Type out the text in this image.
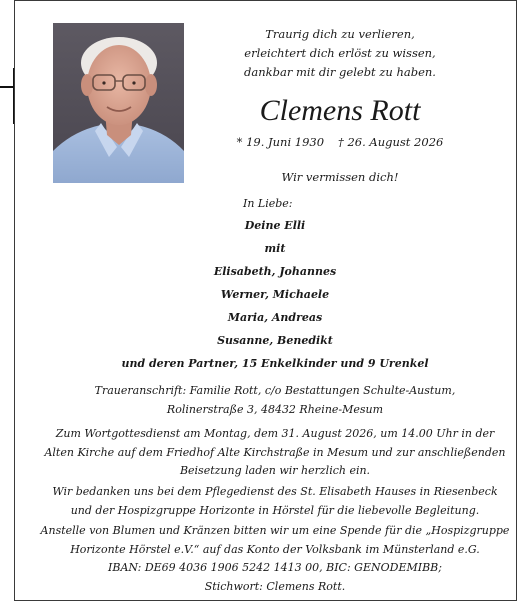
Traurig dich zu verlieren,
erleichtert dich erlöst zu wissen,
dankbar mit dir gelebt zu haben.
Clemens Rott
* 19. Juni 1930 † 26. August 2026
Wir vermissen dich!
In Liebe:
Deine Elli
mit
Elisabeth, Johannes
Werner, Michaele
Maria, Andreas
Susanne, Benedikt
und deren Partner, 15 Enkelkinder und 9 Urenkel
Traueranschrift: Familie Rott, c/o Bestattungen Schulte-Austum,
Rolinerstraße 3, 48432 Rheine-Mesum
Zum Wortgottesdienst am Montag, dem 31. August 2026, um 14.00 Uhr in der
Alten Kirche auf dem Friedhof Alte Kirchstraße in Mesum und zur anschließenden
Beisetzung laden wir herzlich ein.
Wir bedanken uns bei dem Pflegedienst des St. Elisabeth Hauses in Riesenbeck
und der Hospizgruppe Horizonte in Hörstel für die liebevolle Begleitung.
Anstelle von Blumen und Kränzen bitten wir um eine Spende für die „Hospizgruppe
Horizonte Hörstel e.V.“ auf das Konto der Volksbank im Münsterland e.G.
IBAN: DE69 4036 1906 5242 1413 00, BIC: GENODEMIBB;
Stichwort: Clemens Rott.
